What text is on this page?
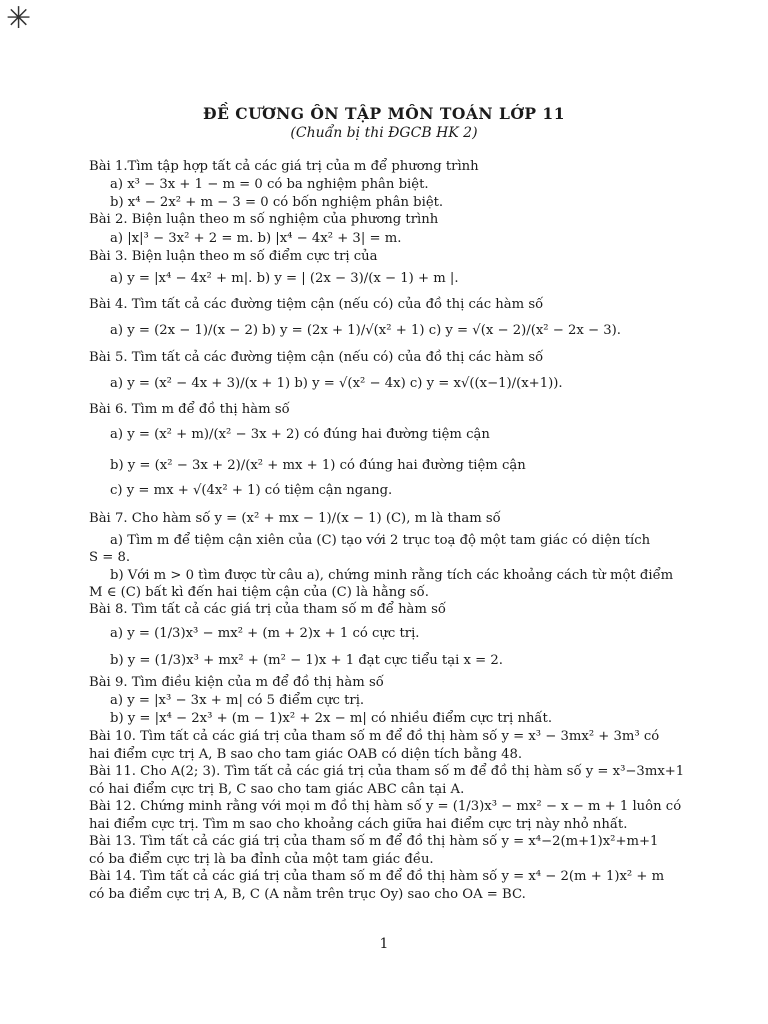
✳
ĐỀ CƯƠNG ÔN TẬP MÔN TOÁN LỚP 11
(Chuẩn bị thi ĐGCB HK 2)
Bài 1.Tìm tập hợp tất cả các giá trị của m để phương trình
a) x³ − 3x + 1 − m = 0 có ba nghiệm phân biệt.
b) x⁴ − 2x² + m − 3 = 0 có bốn nghiệm phân biệt.
Bài 2. Biện luận theo m số nghiệm của phương trình
a) |x|³ − 3x² + 2 = m. b) |x⁴ − 4x² + 3| = m.
Bài 3. Biện luận theo m số điểm cực trị của
a) y = |x⁴ − 4x² + m|. b) y = | (2x − 3)/(x − 1) + m |.
Bài 4. Tìm tất cả các đường tiệm cận (nếu có) của đồ thị các hàm số
a) y = (2x − 1)/(x − 2) b) y = (2x + 1)/√(x² + 1) c) y = √(x − 2)/(x² − 2x − 3).
Bài 5. Tìm tất cả các đường tiệm cận (nếu có) của đồ thị các hàm số
a) y = (x² − 4x + 3)/(x + 1) b) y = √(x² − 4x) c) y = x√((x−1)/(x+1)).
Bài 6. Tìm m để đồ thị hàm số
a) y = (x² + m)/(x² − 3x + 2) có đúng hai đường tiệm cận
b) y = (x² − 3x + 2)/(x² + mx + 1) có đúng hai đường tiệm cận
c) y = mx + √(4x² + 1) có tiệm cận ngang.
Bài 7. Cho hàm số y = (x² + mx − 1)/(x − 1) (C), m là tham số
a) Tìm m để tiệm cận xiên của (C) tạo với 2 trục toạ độ một tam giác có diện tích
S = 8.
b) Với m > 0 tìm được từ câu a), chứng minh rằng tích các khoảng cách từ một điểm
M ∈ (C) bất kì đến hai tiệm cận của (C) là hằng số.
Bài 8. Tìm tất cả các giá trị của tham số m để hàm số
a) y = (1/3)x³ − mx² + (m + 2)x + 1 có cực trị.
b) y = (1/3)x³ + mx² + (m² − 1)x + 1 đạt cực tiểu tại x = 2.
Bài 9. Tìm điều kiện của m để đồ thị hàm số
a) y = |x³ − 3x + m| có 5 điểm cực trị.
b) y = |x⁴ − 2x³ + (m − 1)x² + 2x − m| có nhiều điểm cực trị nhất.
Bài 10. Tìm tất cả các giá trị của tham số m để đồ thị hàm số y = x³ − 3mx² + 3m³ có
hai điểm cực trị A, B sao cho tam giác OAB có diện tích bằng 48.
Bài 11. Cho A(2; 3). Tìm tất cả các giá trị của tham số m để đồ thị hàm số y = x³−3mx+1
có hai điểm cực trị B, C sao cho tam giác ABC cân tại A.
Bài 12. Chứng minh rằng với mọi m đồ thị hàm số y = (1/3)x³ − mx² − x − m + 1 luôn có
hai điểm cực trị. Tìm m sao cho khoảng cách giữa hai điểm cực trị này nhỏ nhất.
Bài 13. Tìm tất cả các giá trị của tham số m để đồ thị hàm số y = x⁴−2(m+1)x²+m+1
có ba điểm cực trị là ba đỉnh của một tam giác đều.
Bài 14. Tìm tất cả các giá trị của tham số m để đồ thị hàm số y = x⁴ − 2(m + 1)x² + m
có ba điểm cực trị A, B, C (A nằm trên trục Oy) sao cho OA = BC.
1
